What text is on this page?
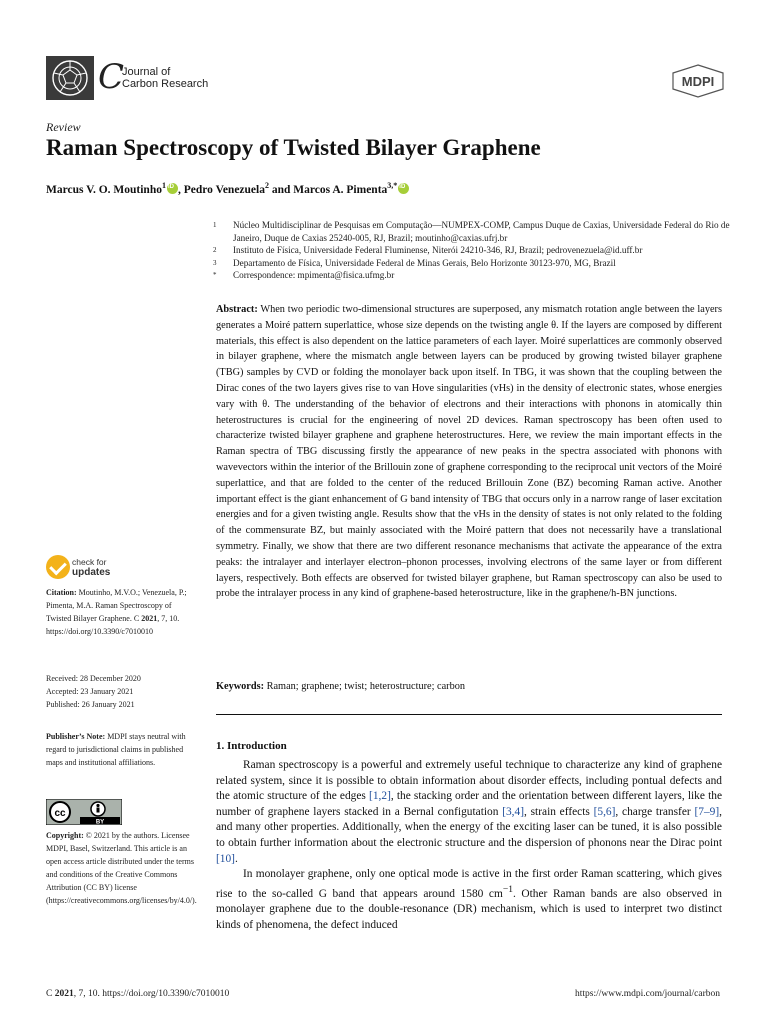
C
Journal of
Carbon Research	MDPI
Review
Raman Spectroscopy of Twisted Bilayer Graphene
Marcus V. O. Moutinho$^1$iD , Pedro Venezuela$^2$ and Marcos A. Pimenta$^{3,*}$iD
1	Núcleo Multidisciplinar de Pesquisas em Computação—NUMPEX-COMP, Campus Duque de Caxias, Universidade Federal do Rio de Janeiro, Duque de Caxias 25240-005, RJ, Brazil; moutinho@caxias.ufrj.br
2	Instituto de Física, Universidade Federal Fluminense, Niterói 24210-346, RJ, Brazil; pedrovenezuela@id.uff.br
3	Departamento de Física, Universidade Federal de Minas Gerais, Belo Horizonte 30123-970, MG, Brazil
*	Correspondence: mpimenta@fisica.ufmg.br
Abstract: When two periodic two-dimensional structures are superposed, any mismatch rotation angle between the layers generates a Moiré pattern superlattice, whose size depends on the twisting angle θ. If the layers are composed by different materials, this effect is also dependent on the lattice parameters of each layer. Moiré superlattices are commonly observed in bilayer graphene, where the mismatch angle between layers can be produced by growing twisted bilayer graphene (TBG) samples by CVD or folding the monolayer back upon itself. In TBG, it was shown that the coupling between the Dirac cones of the two layers gives rise to van Hove singularities (vHs) in the density of electronic states, whose energies vary with θ. The understanding of the behavior of electrons and their interactions with phonons in atomically thin heterostructures is crucial for the engineering of novel 2D devices. Raman spectroscopy has been often used to characterize twisted bilayer graphene and graphene heterostructures. Here, we review the main important effects in the Raman spectra of TBG discussing firstly the appearance of new peaks in the spectra associated with phonons with wavevectors within the interior of the Brillouin zone of graphene corresponding to the reciprocal unit vectors of the Moiré superlattice, and that are folded to the center of the reduced Brillouin Zone (BZ) becoming Raman active. Another important effect is the giant enhancement of G band intensity of TBG that occurs only in a narrow range of laser excitation energies and for a given twisting angle. Results show that the vHs in the density of states is not only related to the folding of the commensurate BZ, but mainly associated with the Moiré pattern that does not necessarily have a translational symmetry. Finally, we show that there are two different resonance mechanisms that activate the appearance of the extra peaks: the intralayer and interlayer electron–phonon processes, involving electrons of the same layer or from different layers, respectively. Both effects are observed for twisted bilayer graphene, but Raman spectroscopy can also be used to probe the intralayer process in any kind of graphene-based heterostructure, like in the graphene/h-BN junctions.
Keywords: Raman; graphene; twist; heterostructure; carbon
1. Introduction

Raman spectroscopy is a powerful and extremely useful technique to characterize any kind of graphene related system, since it is possible to obtain information about disorder effects, including pontual defects and the atomic structure of the edges [1,2], the stacking order and the orientation between different layers, like the number of graphene layers stacked in a Bernal configutation [3,4], strain effects [5,6], charge transfer [7–9], and many other properties. Additionally, when the energy of the exciting laser can be tuned, it is also possible to obtain further information about the electronic structure and the dispersion of phonons near the Dirac point [10].

In monolayer graphene, only one optical mode is active in the first order Raman scattering, which gives rise to the so-called G band that appears around 1580 $cm^{-1}$. Other Raman bands are also observed in monolayer graphene due to the double-resonance (DR) mechanism, which is used to interpret two distinct kinds of phenomena, the defect induced

check for
updates
Citation: Moutinho, M.V.O.; Venezuela, P.; Pimenta, M.A. Raman Spectroscopy of Twisted Bilayer Graphene. C 2021, 7, 10. https://doi.org/10.3390/c7010010
Received: 28 December 2020
Accepted: 23 January 2021
Published: 26 January 2021
Publisher’s Note: MDPI stays neutral with regard to jurisdictional claims in published maps and institutional affiliations.
cc
BY
Copyright: © 2021 by the authors. Licensee MDPI, Basel, Switzerland. This article is an open access article distributed under the terms and conditions of the Creative Commons Attribution (CC BY) license (https://creativecommons.org/licenses/by/4.0/).
C 2021, 7, 10. https://doi.org/10.3390/c7010010	https://www.mdpi.com/journal/carbon
